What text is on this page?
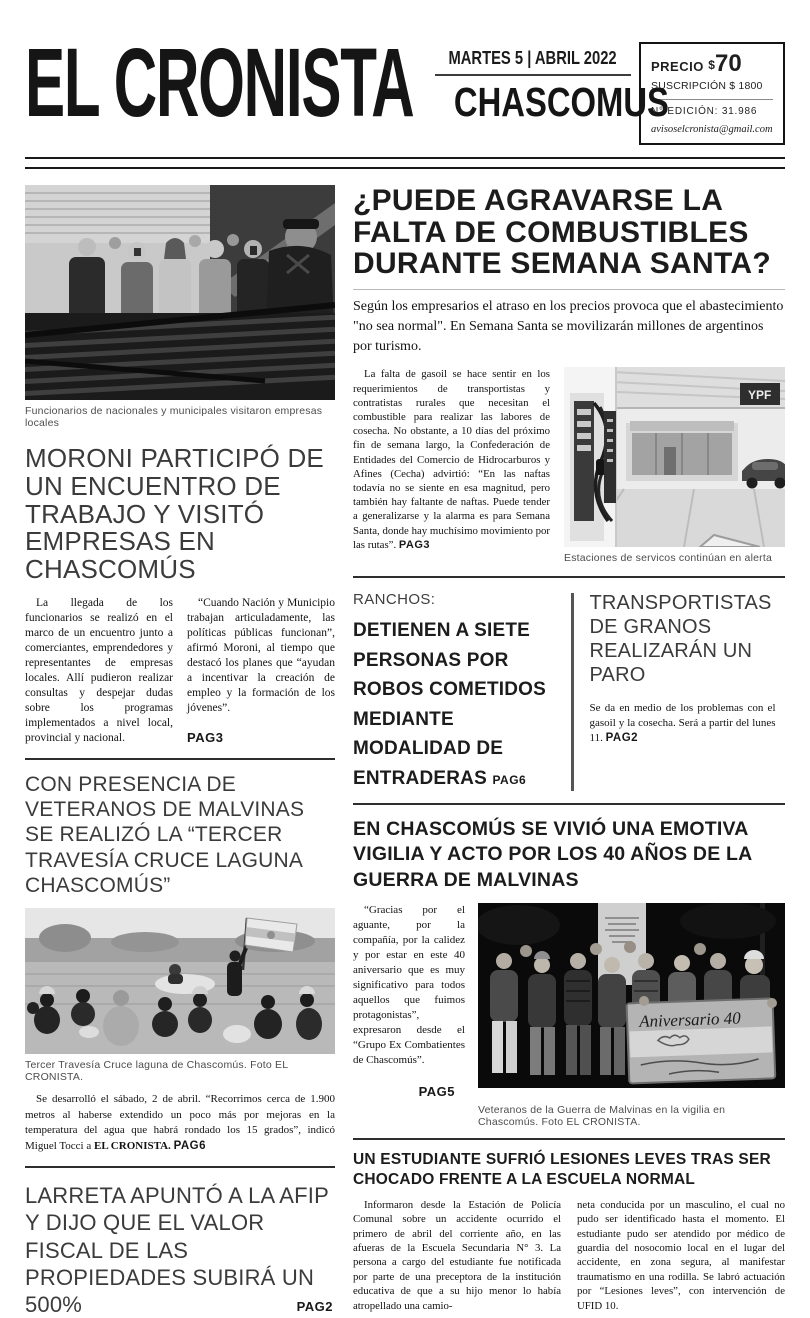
EL CRONISTA	MARTES 5 | ABRIL 2022
CHASCOMUS
PRECIO $70
SUSCRIPCIÓN $ 1800
N° EDICIÓN: 31.986
avisoselcronista@gmail.com
Funcionarios de nacionales y municipales visitaron empresas locales
MORONI PARTICIPÓ DE UN ENCUENTRO DE TRABAJO Y VISITÓ EMPRESAS EN CHASCOMÚS
La llegada de los funcionarios se realizó en el marco de un encuentro junto a comerciantes, emprendedores y representantes de empresas locales. Allí pudieron realizar consultas y despejar dudas sobre los programas implementados a nivel local, provincial y nacional.
“Cuando Nación y Municipio trabajan articuladamente, las políticas públicas funcionan”, afirmó Moroni, al tiempo que destacó los planes que “ayudan a incentivar la creación de empleo y la formación de los jóvenes”.
PAG3
CON PRESENCIA DE VETERANOS DE MALVINAS SE REALIZÓ LA “TERCER TRAVESÍA CRUCE LAGUNA CHASCOMÚS”
Tercer Travesía Cruce laguna de Chascomús. Foto EL CRONISTA.

Se desarrolló el sábado, 2 de abril. “Recorrimos cerca de 1.900 metros al haberse extendido un poco más por mejoras en la temperatura del agua que habrá rondado los 15 grados”, indicó Miguel Tocci a EL CRONISTA. PAG6

LARRETA APUNTÓ A LA AFIP Y DIJO QUE EL VALOR FISCAL DE LAS PROPIEDADES SUBIRÁ UN 500%	PAG2
¿PUEDE AGRAVARSE LA FALTA DE COMBUSTIBLES DURANTE SEMANA SANTA?

Según los empresarios el atraso en los precios provoca que el abastecimiento "no sea normal". En Semana Santa se movilizarán millones de argentinos por turismo.

La falta de gasoil se hace sentir en los requerimientos de transportistas y contratistas rurales que necesitan el combustible para realizar las labores de cosecha. No obstante, a 10 días del próximo fin de semana largo, la Confederación de Entidades del Comercio de Hidrocarburos y Afines (Cecha) advirtió: “En las naftas todavía no se siente en esa magnitud, pero también hay faltante de naftas. Puede tender a generalizarse y la alarma es para Semana Santa, donde hay muchísimo movimiento por las rutas”. PAG3
YPF
Estaciones de servicos continúan en alerta
RANCHOS:
DETIENEN A SIETE PERSONAS POR ROBOS COMETIDOS MEDIANTE MODALIDAD DE ENTRADERAS PAG6
TRANSPORTISTAS DE GRANOS REALIZARÁN UN PARO

Se da en medio de los problemas con el gasoil y la cosecha. Será a partir del lunes 11. PAG2

EN CHASCOMÚS SE VIVIÓ UNA EMOTIVA VIGILIA Y ACTO POR LOS 40 AÑOS DE LA GUERRA DE MALVINAS
“Gracias por el aguante, por la compañía, por la calidez y por estar en este 40 aniversario que es muy significativo para todos aquellos que fuimos protagonistas”, expresaron desde el “Grupo Ex Combatientes de Chascomús”.
PAG5
Aniversario 40
Veteranos de la Guerra de Malvinas en la vigilia en Chascomús. Foto EL CRONISTA.
UN ESTUDIANTE SUFRIÓ LESIONES LEVES TRAS SER CHOCADO FRENTE A LA ESCUELA NORMAL
Informaron desde la Estación de Policía Comunal sobre un accidente ocurrido el primero de abril del corriente año, en las afueras de la Escuela Secundaria N° 3. La persona a cargo del estudiante fue notificada por parte de una preceptora de la institución educativa de que a su hijo menor lo había atropellado una camio-
neta conducida por un masculino, el cual no pudo ser identificado hasta el momento. El estudiante pudo ser atendido por médico de guardia del nosocomio local en el lugar del accidente, en zona segura, al manifestar traumatismo en una rodilla. Se labró actuación por “Lesiones leves”, con intervención de UFID 10.
